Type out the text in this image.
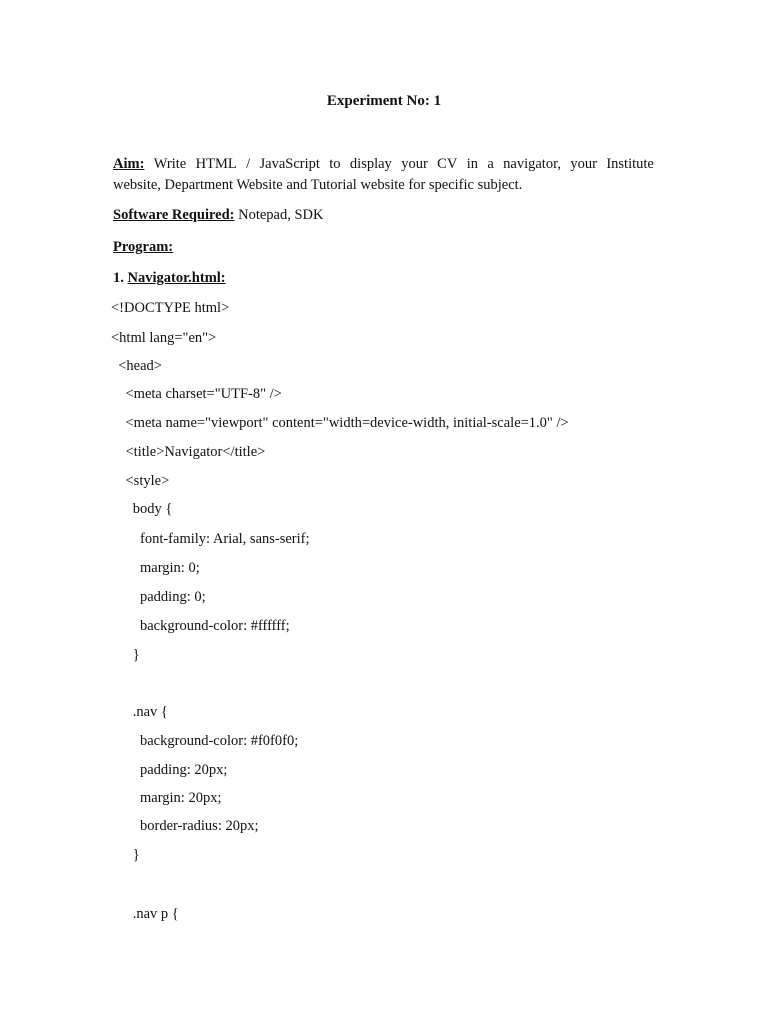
Experiment No: 1
Aim: Write HTML / JavaScript to display your CV in a navigator, your Institute
website, Department Website and Tutorial website for specific subject.
Software Required: Notepad, SDK
Program:
1. Navigator.html:
<!DOCTYPE html>
<html lang="en">
<head>
<meta charset="UTF-8" />
<meta name="viewport" content="width=device-width, initial-scale=1.0" />
<title>Navigator</title>
<style>
body {
font-family: Arial, sans-serif;
margin: 0;
padding: 0;
background-color: #ffffff;
}
.nav {
background-color: #f0f0f0;
padding: 20px;
margin: 20px;
border-radius: 20px;
}
.nav p {
